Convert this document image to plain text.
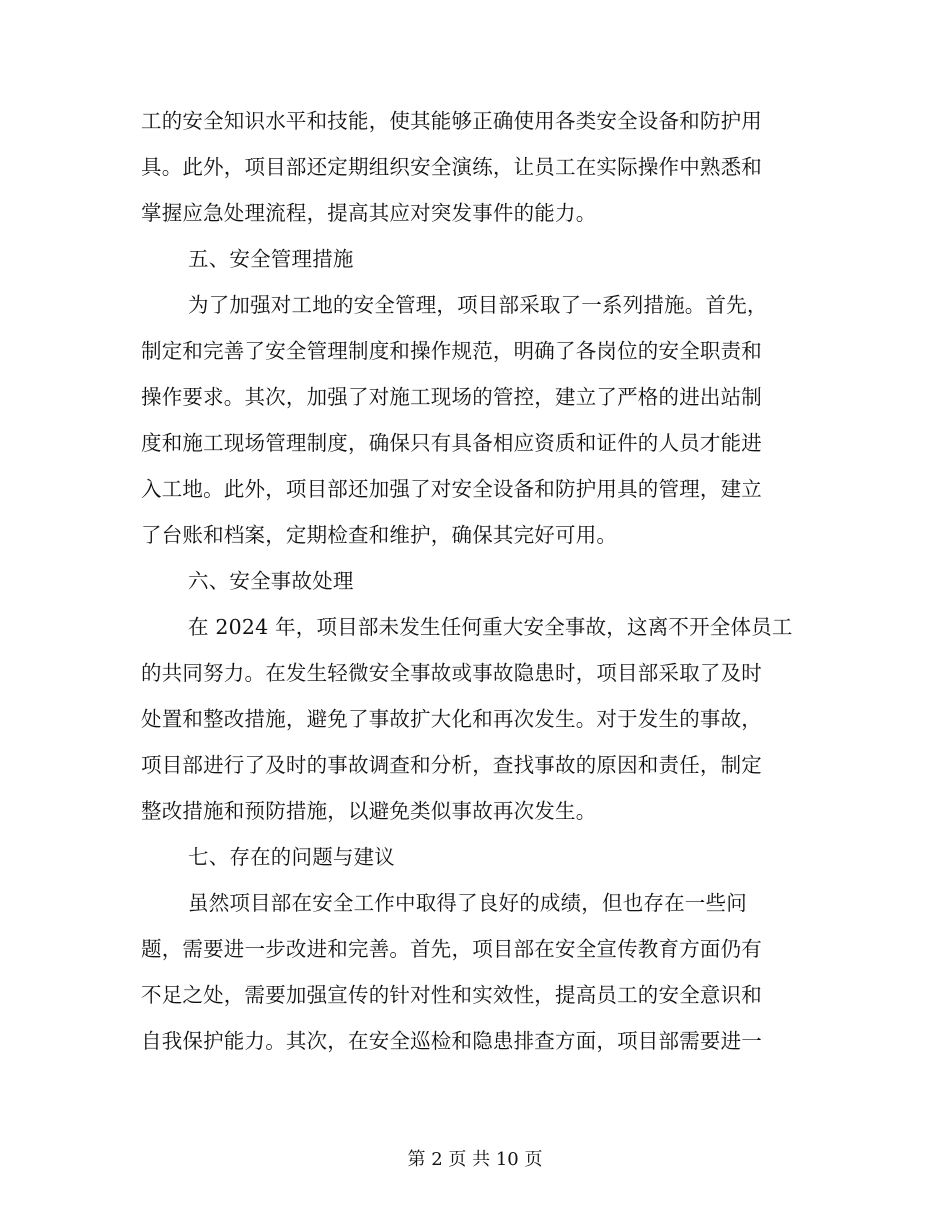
工的安全知识水平和技能，使其能够正确使用各类安全设备和防护用
具。此外，项目部还定期组织安全演练，让员工在实际操作中熟悉和
掌握应急处理流程，提高其应对突发事件的能力。
五、安全管理措施
为了加强对工地的安全管理，项目部采取了一系列措施。首先，
制定和完善了安全管理制度和操作规范，明确了各岗位的安全职责和
操作要求。其次，加强了对施工现场的管控，建立了严格的进出站制
度和施工现场管理制度，确保只有具备相应资质和证件的人员才能进
入工地。此外，项目部还加强了对安全设备和防护用具的管理，建立
了台账和档案，定期检查和维护，确保其完好可用。
六、安全事故处理
在 2024 年，项目部未发生任何重大安全事故，这离不开全体员工
的共同努力。在发生轻微安全事故或事故隐患时，项目部采取了及时
处置和整改措施，避免了事故扩大化和再次发生。对于发生的事故，
项目部进行了及时的事故调查和分析，查找事故的原因和责任，制定
整改措施和预防措施，以避免类似事故再次发生。
七、存在的问题与建议
虽然项目部在安全工作中取得了良好的成绩，但也存在一些问
题，需要进一步改进和完善。首先，项目部在安全宣传教育方面仍有
不足之处，需要加强宣传的针对性和实效性，提高员工的安全意识和
自我保护能力。其次，在安全巡检和隐患排查方面，项目部需要进一
第 2 页 共 10 页
